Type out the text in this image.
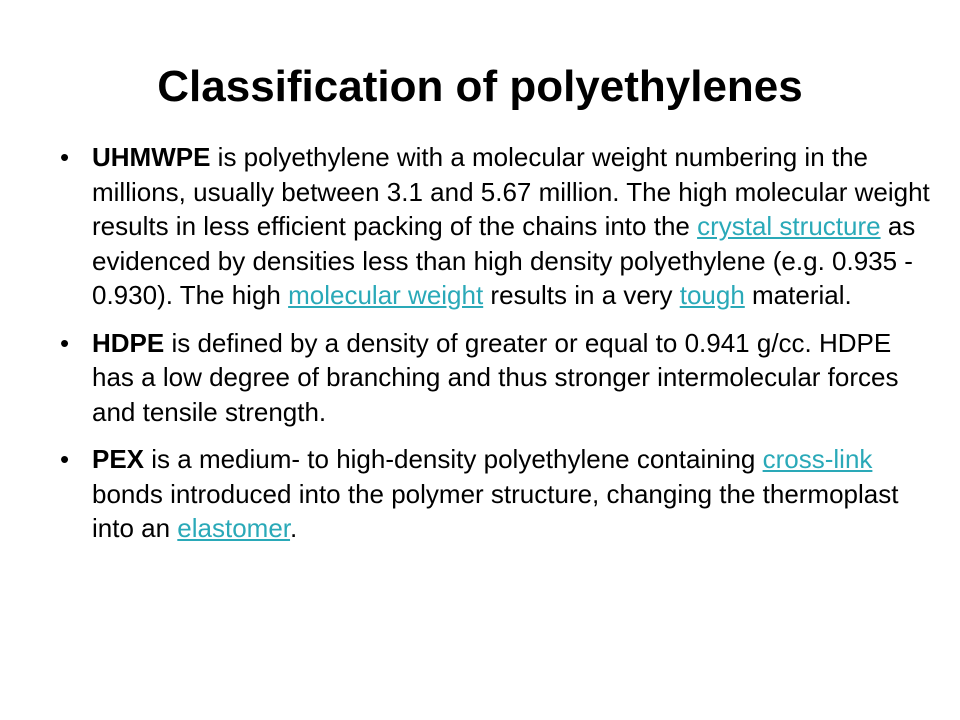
Classification of polyethylenes
• UHMWPE is polyethylene with a molecular weight numbering in the millions, usually between 3.1 and 5.67 million. The high molecular weight results in less efficient packing of the chains into the crystal structure as evidenced by densities less than high density polyethylene (e.g. 0.935 - 0.930). The high molecular weight results in a very tough material.
• HDPE is defined by a density of greater or equal to 0.941 g/cc. HDPE has a low degree of branching and thus stronger intermolecular forces and tensile strength.
• PEX is a medium- to high-density polyethylene containing cross-link bonds introduced into the polymer structure, changing the thermoplast into an elastomer.
